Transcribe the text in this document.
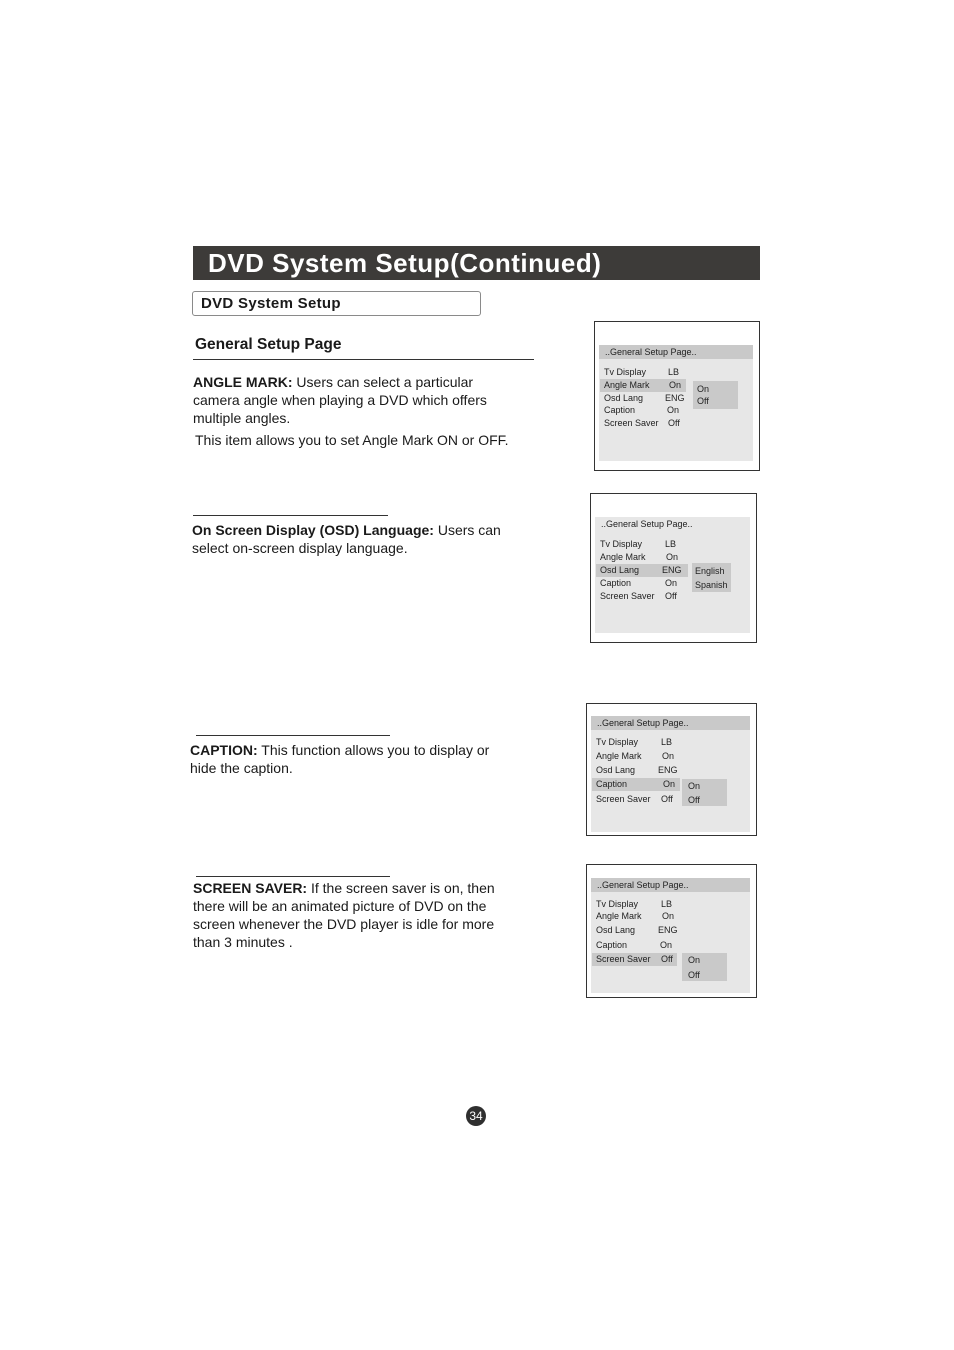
DVD System Setup(Continued)
DVD System Setup
General Setup Page
ANGLE MARK: Users can select a particular camera angle when playing a DVD which offers multiple angles.
This item allows you to set Angle Mark ON or OFF.
..General Setup Page..
Tv Display LB
Angle Mark On
Osd Lang ENG
Caption	On
Screen Saver Off
On
Off
On Screen Display (OSD) Language: Users can select on-screen display language.
..General Setup Page..
Tv Display	LB
Angle Mark On
Osd Lang	ENG
Caption	On
Screen Saver Off
English
Spanish
CAPTION: This function allows you to display or hide the caption.
..General Setup Page..
Tv Display	LB
Angle Mark On
Osd Lang	ENG
Caption	On
Screen Saver Off
On
Off
SCREEN SAVER: If the screen saver is on, then there will be an animated picture of DVD on the screen whenever the DVD player is idle for more than 3 minutes .
..General Setup Page..
Tv Display	LB
Angle Mark On
Osd Lang	ENG
Caption	On
Screen Saver Off On
Off
34
